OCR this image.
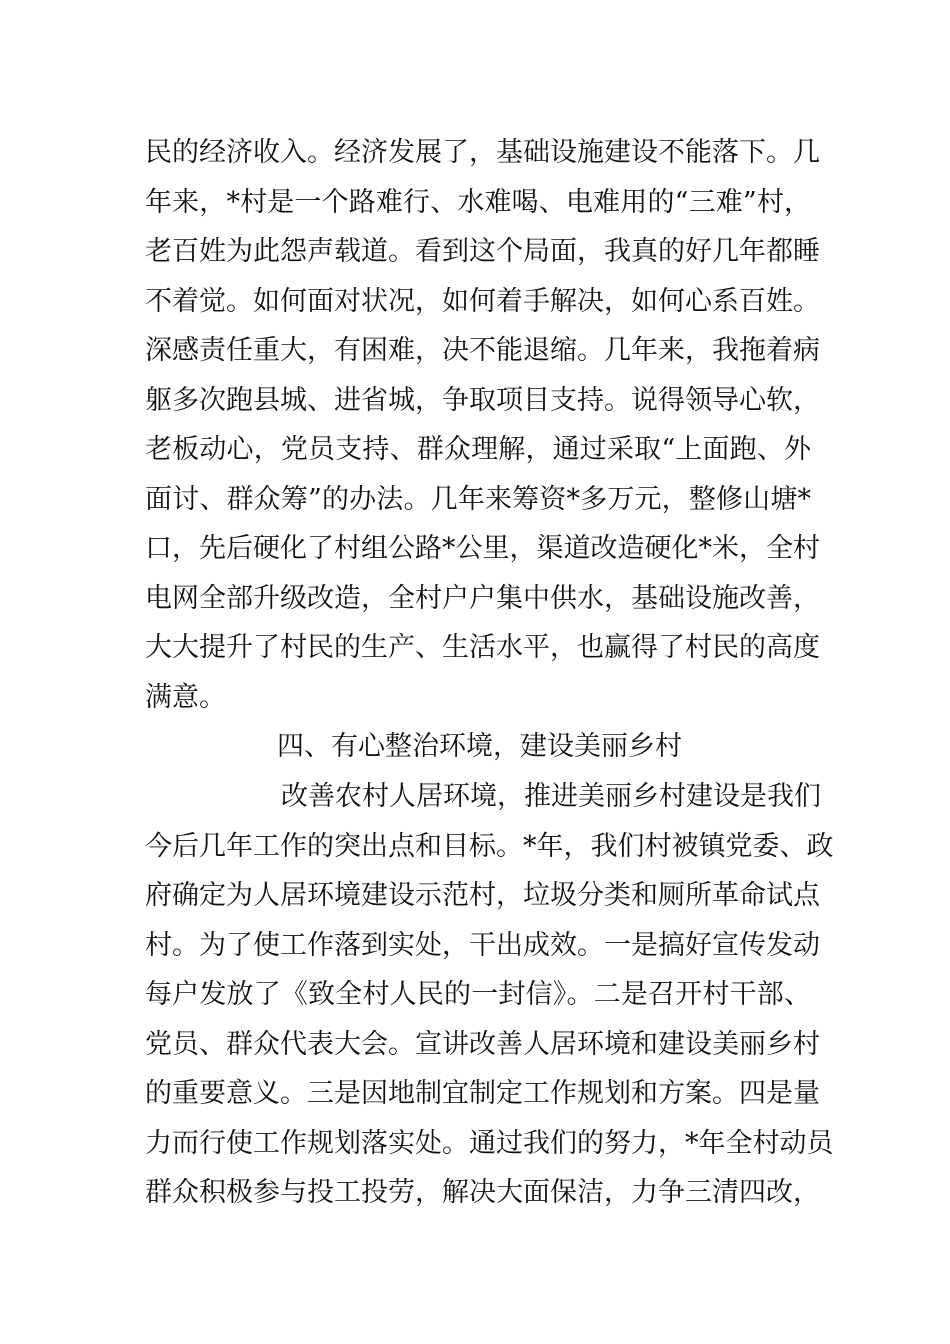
民的经济收入。经济发展了，基础设施建设不能落下。几
年来，*村是一个路难行、水难喝、电难用的“三难”村，
老百姓为此怨声载道。看到这个局面，我真的好几年都睡
不着觉。如何面对状况，如何着手解决，如何心系百姓。
深感责任重大，有困难，决不能退缩。几年来，我拖着病
躯多次跑县城、进省城，争取项目支持。说得领导心软，
老板动心，党员支持、群众理解，通过采取“上面跑、外
面讨、群众筹”的办法。几年来筹资*多万元，整修山塘*
口，先后硬化了村组公路*公里，渠道改造硬化*米，全村
电网全部升级改造，全村户户集中供水，基础设施改善，
大大提升了村民的生产、生活水平，也赢得了村民的高度
满意。
四、有心整治环境，建设美丽乡村
改善农村人居环境，推进美丽乡村建设是我们
今后几年工作的突出点和目标。*年，我们村被镇党委、政
府确定为人居环境建设示范村，垃圾分类和厕所革命试点
村。为了使工作落到实处，干出成效。一是搞好宣传发动
每户发放了《致全村人民的一封信》。二是召开村干部、
党员、群众代表大会。宣讲改善人居环境和建设美丽乡村
的重要意义。三是因地制宜制定工作规划和方案。四是量
力而行使工作规划落实处。通过我们的努力，*年全村动员
群众积极参与投工投劳，解决大面保洁，力争三清四改，
